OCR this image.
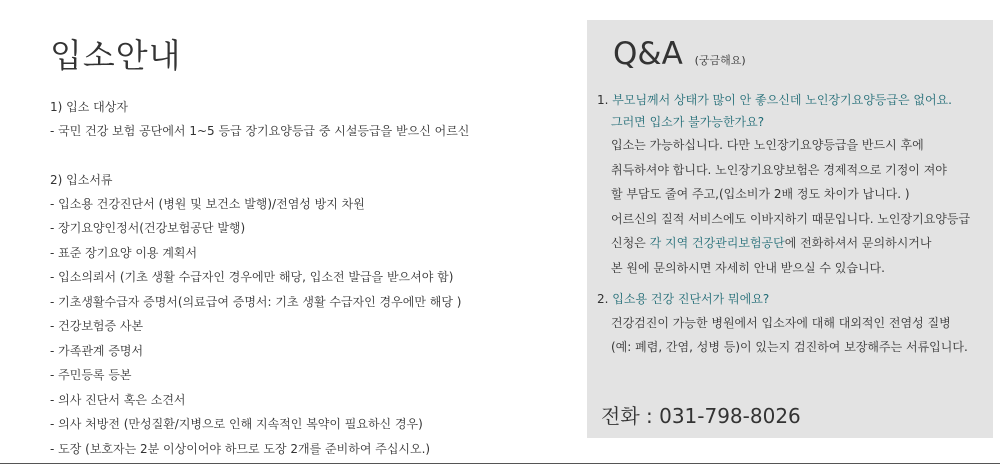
입소안내

1) 입소 대상자

- 국민 건강 보험 공단에서 1~5 등급 장기요양등급 중 시설등급을 받으신 어르신

2) 입소서류

- 입소용 건강진단서 (병원 및 보건소 발행)/전염성 방지 차원
- 장기요양인정서(건강보험공단 발행)
- 표준 장기요양 이용 계획서
- 입소의뢰서 (기초 생활 수급자인 경우에만 해당, 입소전 발급을 받으셔야 함)
- 기초생활수급자 증명서(의료급여 증명서: 기초 생활 수급자인 경우에만 해당 )
- 건강보험증 사본
- 가족관계 증명서
- 주민등록 등본
- 의사 진단서 혹은 소견서
- 의사 처방전 (만성질환/지병으로 인해 지속적인 복약이 필요하신 경우)
- 도장 (보호자는 2분 이상이어야 하므로 도장 2개를 준비하여 주십시오.)
Q&A (궁금해요)
1. 부모님께서 상태가 많이 안 좋으신데 노인장기요양등급은 없어요.
그러면 입소가 불가능한가요?
입소는 가능하십니다. 다만 노인장기요양등급을 반드시 후에
취득하셔야 합니다. 노인장기요양보험은 경제적으로 기정이 져야
할 부담도 줄여 주고,(입소비가 2배 정도 차이가 납니다. )
어르신의 질적 서비스에도 이바지하기 때문입니다. 노인장기요양등급
신청은 각 지역 건강관리보험공단에 전화하셔서 문의하시거나
본 원에 문의하시면 자세히 안내 받으실 수 있습니다.
2. 입소용 건강 진단서가 뭐에요?
건강검진이 가능한 병원에서 입소자에 대해 대외적인 전염성 질병
(예: 폐렴, 간염, 성병 등)이 있는지 검진하여 보장해주는 서류입니다.
전화 : 031-798-8026
